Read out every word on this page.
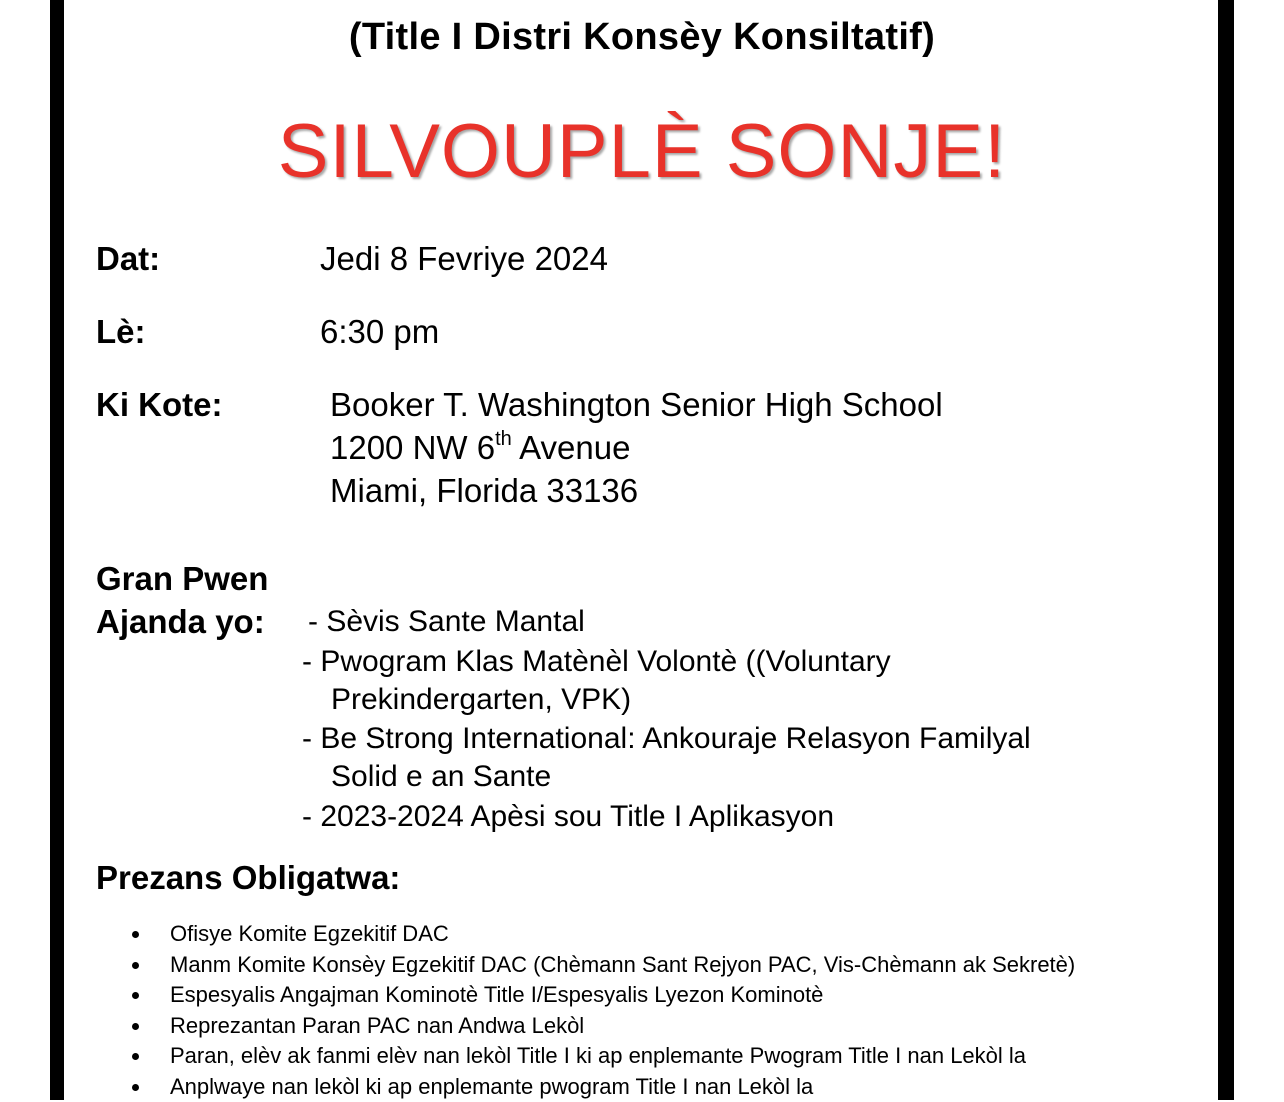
(Title I Distri Konsèy Konsiltatif)
SILVOUPLÈ SONJE!
Dat:	Jedi 8 Fevriye 2024
Lè:	6:30 pm
Ki Kote:	Booker T. Washington Senior High School
1200 NW 6th Avenue
Miami, Florida 33136
Gran Pwen
Ajanda yo: - Sèvis Sante Mantal
- Pwogram Klas Matènèl Volontè ((Voluntary
Prekindergarten, VPK)
- Be Strong International: Ankouraje Relasyon Familyal
Solid e an Sante
- 2023-2024 Apèsi sou Title I Aplikasyon
Prezans Obligatwa:
Ofisye Komite Egzekitif DAC
Manm Komite Konsèy Egzekitif DAC (Chèmann Sant Rejyon PAC, Vis-Chèmann ak Sekretè)
Espesyalis Angajman Kominotè Title I/Espesyalis Lyezon Kominotè
Reprezantan Paran PAC nan Andwa Lekòl
Paran, elèv ak fanmi elèv nan lekòl Title I ki ap enplemante Pwogram Title I nan Lekòl la
Anplwaye nan lekòl ki ap enplemante pwogram Title I nan Lekòl la
